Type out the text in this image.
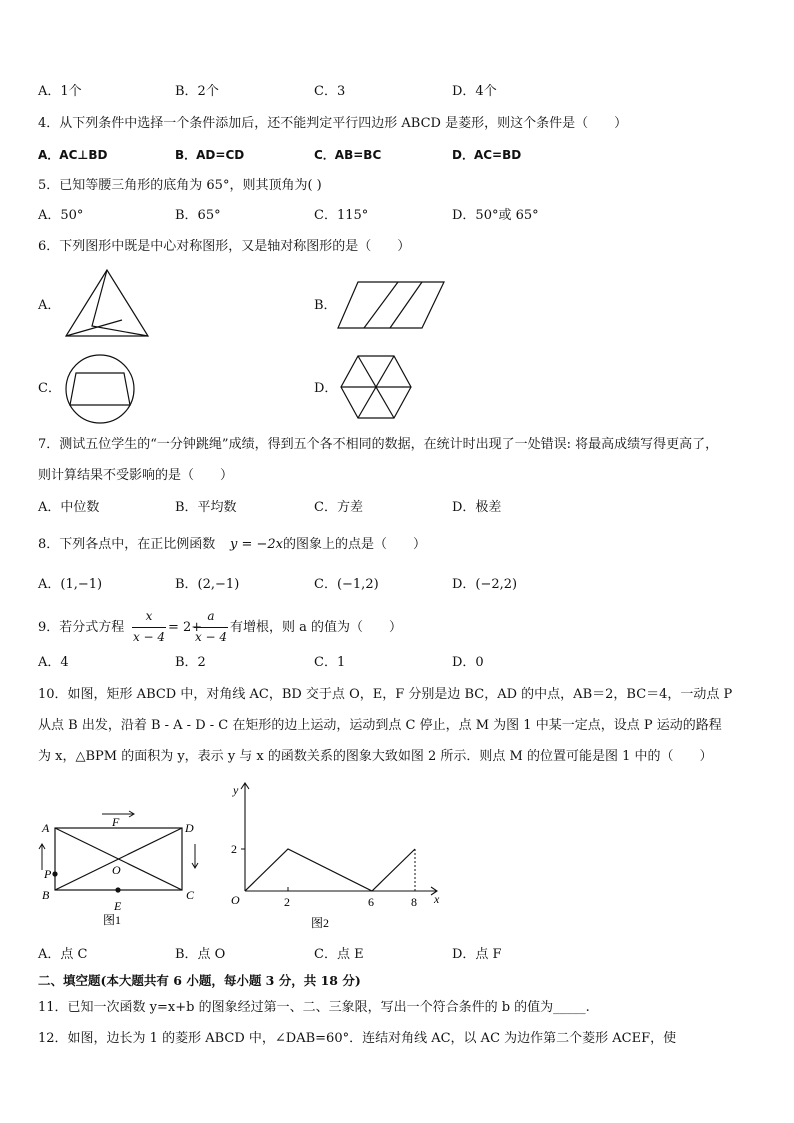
A．1个	B．2个	C．3	D．4个
4．从下列条件中选择一个条件添加后，还不能判定平行四边形 ABCD 是菱形，则这个条件是（　　）
A．AC⊥BD	B．AD=CD	C．AB=BC	D．AC=BD
5．已知等腰三角形的底角为 65°，则其顶角为( )
A．50°	B．65°	C．115°	D．50°或 65°
6．下列图形中既是中心对称图形，又是轴对称图形的是（　　）
A．	B．
C．	D．
7．测试五位学生的“一分钟跳绳”成绩，得到五个各不相同的数据，在统计时出现了一处错误: 将最高成绩写得更高了，
则计算结果不受影响的是（　　）
A．中位数	B．平均数	C．方差	D．极差
8．下列各点中，在正比例函数 y = −2x 的图象上的点是（　　）
A．(1,−1)	B．(2,−1)	C．(−1,2)	D．(−2,2)
9．若分式方程
x
x − 4
= 2+
a
x − 4
有增根，则 a 的值为（　　）
A．4	B．2	C．1	D．0
10．如图，矩形 ABCD 中，对角线 AC，BD 交于点 O，E，F 分别是边 BC，AD 的中点，AB＝2，BC＝4，一动点 P
从点 B 出发，沿着 B - A - D - C 在矩形的边上运动，运动到点 C 停止，点 M 为图 1 中某一定点，设点 P 运动的路程
为 x，△BPM 的面积为 y，表示 y 与 x 的函数关系的图象大致如图 2 所示．则点 M 的位置可能是图 1 中的（　　）
A
B	C
D
O
E
F
P
图1
y
x
O
2
2	6	8
图2
A．点 C	B．点 O	C．点 E	D．点 F
二、填空题(本大题共有 6 小题，每小题 3 分，共 18 分)
11．已知一次函数 y=x+b 的图象经过第一、二、三象限，写出一个符合条件的 b 的值为_____.
12．如图，边长为 1 的菱形 ABCD 中，∠DAB=60°．连结对角线 AC，以 AC 为边作第二个菱形 ACEF，使
